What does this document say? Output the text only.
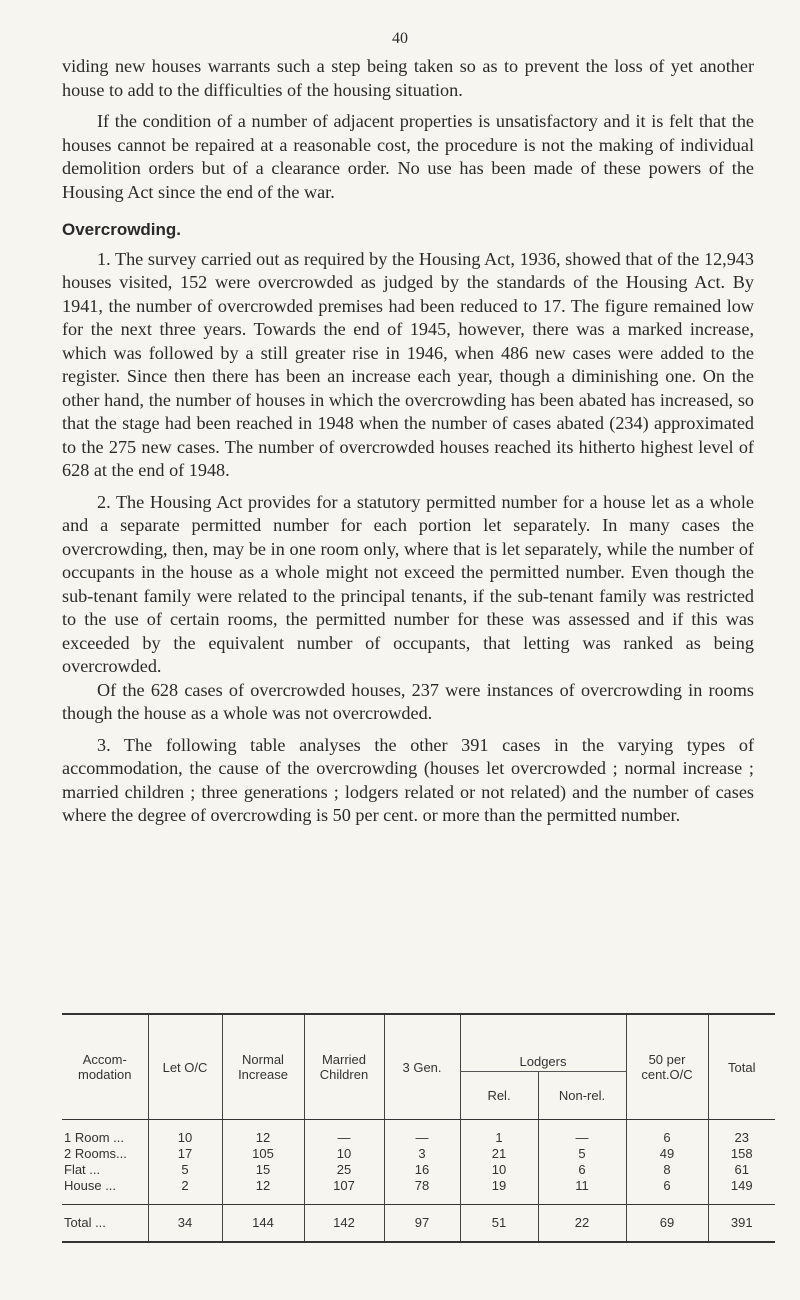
40

viding new houses warrants such a step being taken so as to prevent the loss of yet another house to add to the difficulties of the housing situation.

If the condition of a number of adjacent properties is unsatisfactory and it is felt that the houses cannot be repaired at a reasonable cost, the procedure is not the making of individual demolition orders but of a clearance order. No use has been made of these powers of the Housing Act since the end of the war.

Overcrowding.

1. The survey carried out as required by the Housing Act, 1936, showed that of the 12,943 houses visited, 152 were overcrowded as judged by the standards of the Housing Act. By 1941, the number of overcrowded premises had been reduced to 17. The figure remained low for the next three years. Towards the end of 1945, however, there was a marked increase, which was followed by a still greater rise in 1946, when 486 new cases were added to the register. Since then there has been an increase each year, though a diminishing one. On the other hand, the number of houses in which the overcrowding has been abated has increased, so that the stage had been reached in 1948 when the number of cases abated (234) approximated to the 275 new cases. The number of overcrowded houses reached its hitherto highest level of 628 at the end of 1948.

2. The Housing Act provides for a statutory permitted number for a house let as a whole and a separate permitted number for each portion let separately. In many cases the overcrowding, then, may be in one room only, where that is let separately, while the number of occupants in the house as a whole might not exceed the permitted number. Even though the sub-tenant family were related to the principal tenants, if the sub-tenant family was restricted to the use of certain rooms, the permitted number for these was assessed and if this was exceeded by the equivalent number of occupants, that letting was ranked as being overcrowded.

Of the 628 cases of overcrowded houses, 237 were instances of overcrowding in rooms though the house as a whole was not overcrowded.

3. The following table analyses the other 391 cases in the varying types of accommodation, the cause of the overcrowding (houses let overcrowded ; normal increase ; married children ; three generations ; lodgers related or not related) and the number of cases where the degree of overcrowding is 50 per cent. or more than the permitted number.

Accom- modation	Let O/C	Normal Increase	Married Children	3 Gen.	Lodgers		50 per cent.O/C	Total
					Rel.	Non-rel.		
1 Room ...	10	12	—	—	1	—	6	23
2 Rooms...	17	105	10	3	21	5	49	158
Flat ...	5	15	25	16	10	6	8	61
House ...	2	12	107	78	19	11	6	149
Total ...	34	144	142	97	51	22	69	391
